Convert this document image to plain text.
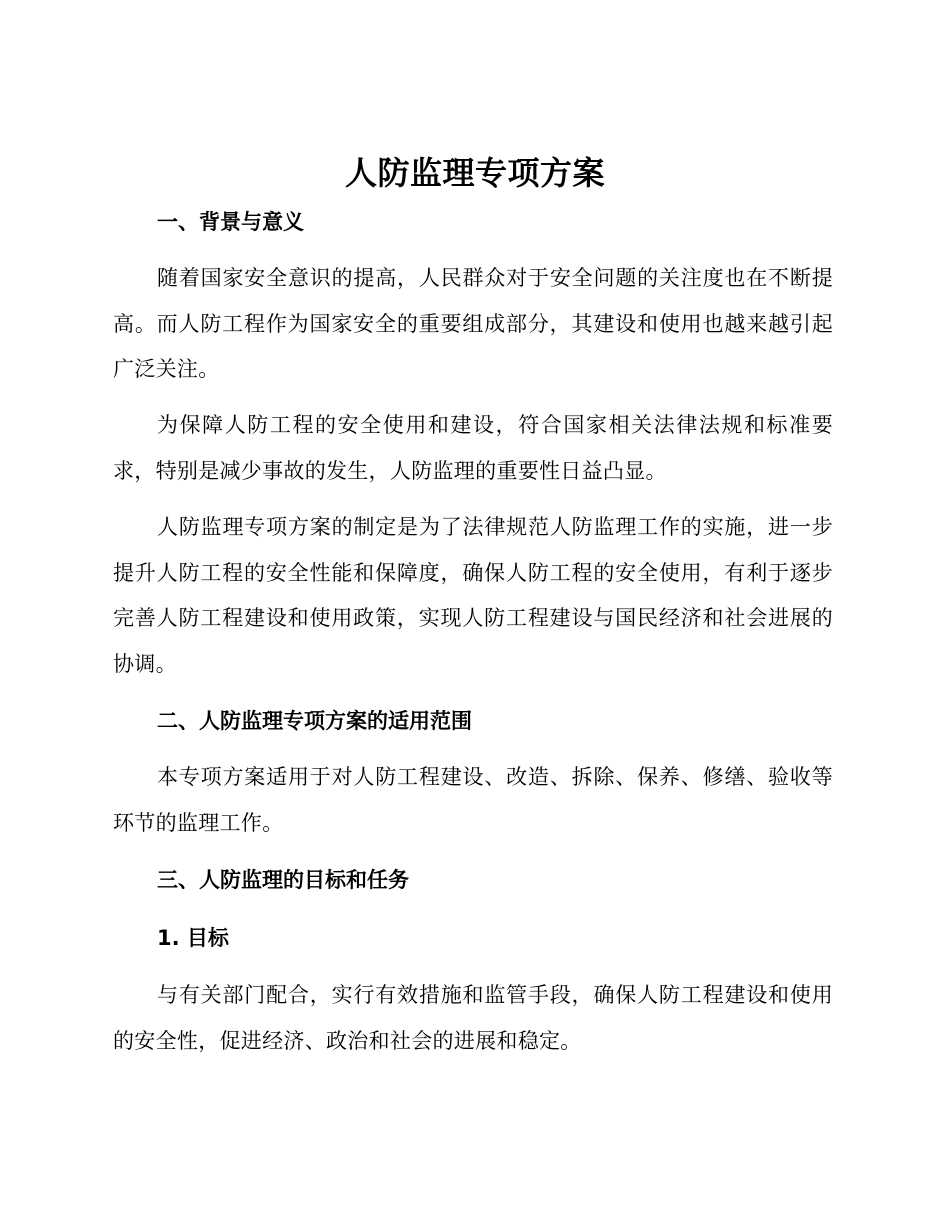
人防监理专项方案
一、背景与意义
随着国家安全意识的提高，人民群众对于安全问题的关注度也在不断提高。而人防工程作为国家安全的重要组成部分，其建设和使用也越来越引起广泛关注。
为保障人防工程的安全使用和建设，符合国家相关法律法规和标准要求，特别是减少事故的发生，人防监理的重要性日益凸显。
人防监理专项方案的制定是为了法律规范人防监理工作的实施，进一步提升人防工程的安全性能和保障度，确保人防工程的安全使用，有利于逐步完善人防工程建设和使用政策，实现人防工程建设与国民经济和社会进展的协调。
二、人防监理专项方案的适用范围
本专项方案适用于对人防工程建设、改造、拆除、保养、修缮、验收等环节的监理工作。
三、人防监理的目标和任务
1. 目标
与有关部门配合，实行有效措施和监管手段，确保人防工程建设和使用的安全性，促进经济、政治和社会的进展和稳定。
